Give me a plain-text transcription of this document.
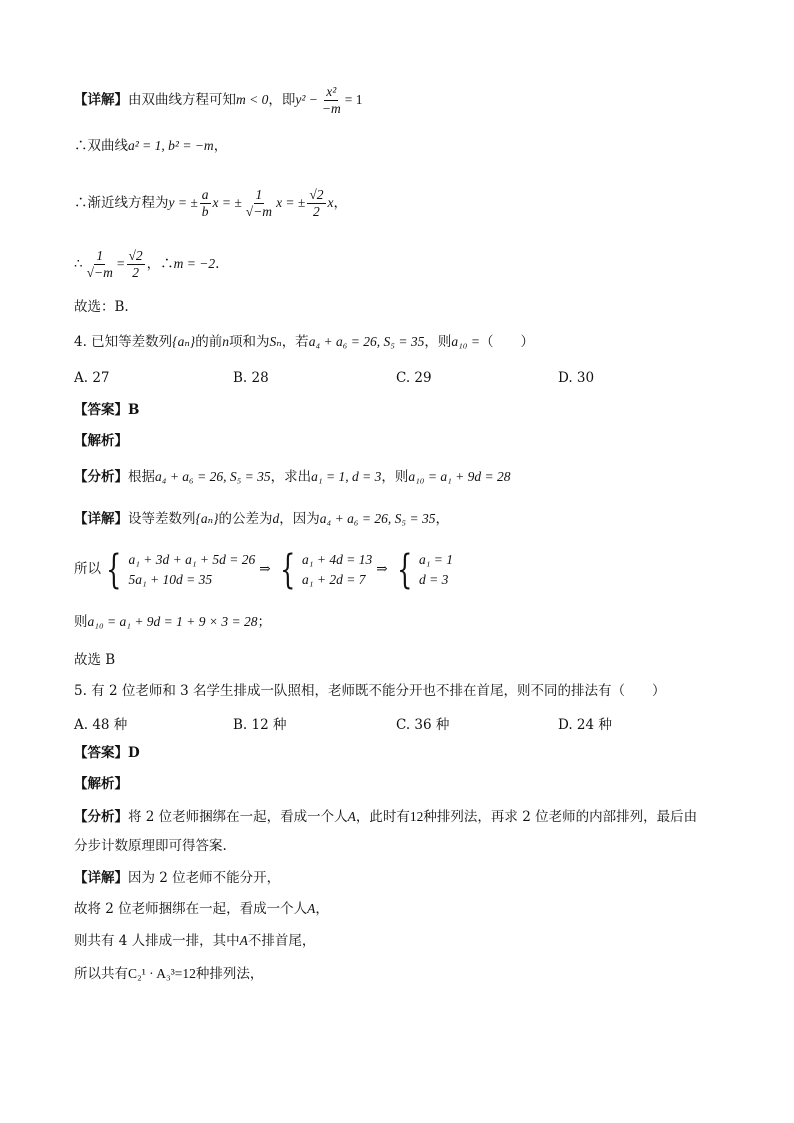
【详解】由双曲线方程可知m < 0，即$y^2 - \frac{\text{x²}}{-m} = 1$
∴双曲线a² = 1, b² = −m，
∴渐近线方程为y = ± $\frac{a}{b}$ x = ± $\frac{1}{√-m}$ x = ± $\frac{√2}{2}$ x，
∴ $\frac{1}{√-m} = \frac{√2}{2}$ ，∴m = −2.
故选：B.
4. 已知等差数列{aₙ}的前n项和为Sₙ，若a₄ + a₆ = 26, S₅ = 35，则a₁₀ =（　　）
A. 27	B. 28	C. 29	D. 30
【答案】B
【解析】
【分析】根据a₄ + a₆ = 26, S₅ = 35，求出a₁ = 1, d = 3，则a₁₀ = a₁ + 9d = 28
【详解】设等差数列{aₙ}的公差为d，因为a₄ + a₆ = 26, S₅ = 35，
所以 { a₁ + 3d + a₁ + 5d = 26
5a₁ + 10d = 35
⇒ { a₁ + 4d = 13
a₁ + 2d = 7
⇒ { a₁ = 1
d = 3
则a₁₀ = a₁ + 9d = 1 + 9 × 3 = 28；
故选 B
5. 有 2 位老师和 3 名学生排成一队照相，老师既不能分开也不排在首尾，则不同的排法有（　　）
A. 48 种	B. 12 种	C. 36 种	D. 24 种
【答案】D
【解析】
【分析】将 2 位老师捆绑在一起，看成一个人A，此时有12种排列法，再求 2 位老师的内部排列，最后由
分步计数原理即可得答案.
【详解】因为 2 位老师不能分开，
故将 2 位老师捆绑在一起，看成一个人A，
则共有 4 人排成一排，其中A不排首尾，
所以共有C₂¹ · A₃³=12种排列法，
